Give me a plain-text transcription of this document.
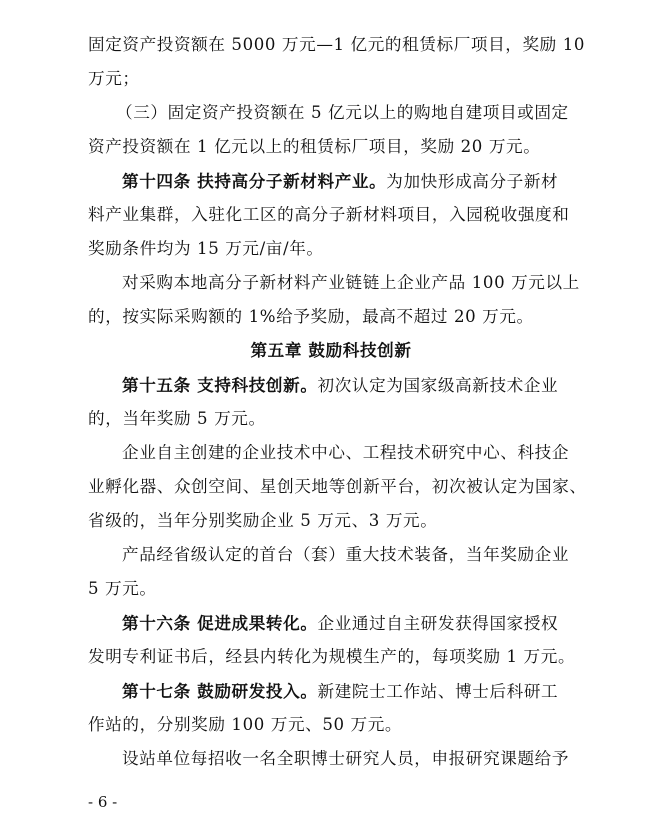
固定资产投资额在 5000 万元—1 亿元的租赁标厂项目，奖励 10
万元；
（三）固定资产投资额在 5 亿元以上的购地自建项目或固定
资产投资额在 1 亿元以上的租赁标厂项目，奖励 20 万元。
第十四条 扶持高分子新材料产业。为加快形成高分子新材
料产业集群，入驻化工区的高分子新材料项目，入园税收强度和
奖励条件均为 15 万元/亩/年。
对采购本地高分子新材料产业链链上企业产品 100 万元以上
的，按实际采购额的 1%给予奖励，最高不超过 20 万元。
第五章 鼓励科技创新
第十五条 支持科技创新。初次认定为国家级高新技术企业
的，当年奖励 5 万元。
企业自主创建的企业技术中心、工程技术研究中心、科技企
业孵化器、众创空间、星创天地等创新平台，初次被认定为国家、
省级的，当年分别奖励企业 5 万元、3 万元。
产品经省级认定的首台（套）重大技术装备，当年奖励企业
5 万元。
第十六条 促进成果转化。企业通过自主研发获得国家授权
发明专利证书后，经县内转化为规模生产的，每项奖励 1 万元。
第十七条 鼓励研发投入。新建院士工作站、博士后科研工
作站的，分别奖励 100 万元、50 万元。
设站单位每招收一名全职博士研究人员，申报研究课题给予
- 6 -
